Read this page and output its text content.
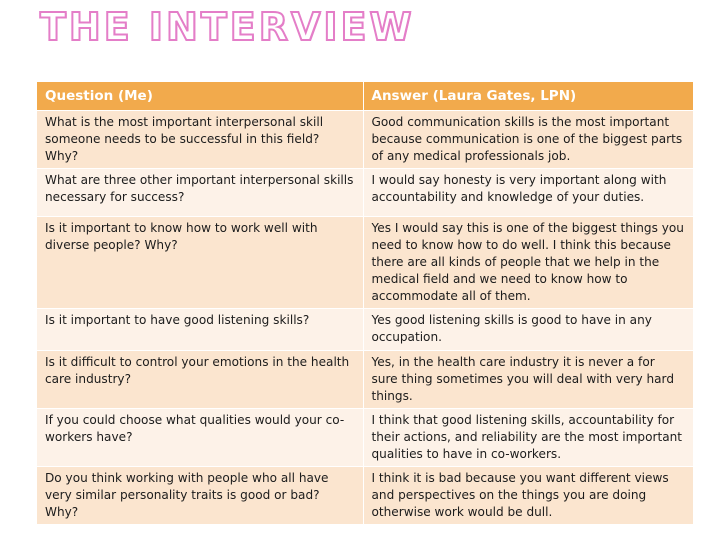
THE INTERVIEW
Question (Me)	Answer (Laura Gates, LPN)
What is the most important interpersonal skill someone needs to be successful in this field? Why?	Good communication skills is the most important because communication is one of the biggest parts of any medical professionals job.
What are three other important interpersonal skills necessary for success?	I would say honesty is very important along with accountability and knowledge of your duties.
Is it important to know how to work well with diverse people? Why?	Yes I would say this is one of the biggest things you need to know how to do well. I think this because there are all kinds of people that we help in the medical field and we need to know how to accommodate all of them.
Is it important to have good listening skills?	Yes good listening skills is good to have in any occupation.
Is it difficult to control your emotions in the health care industry?	Yes, in the health care industry it is never a for sure thing sometimes you will deal with very hard things.
If you could choose what qualities would your co-workers have?	I think that good listening skills, accountability for their actions, and reliability are the most important qualities to have in co-workers.
Do you think working with people who all have very similar personality traits is good or bad? Why?	I think it is bad because you want different views and perspectives on the things you are doing otherwise work would be dull.
